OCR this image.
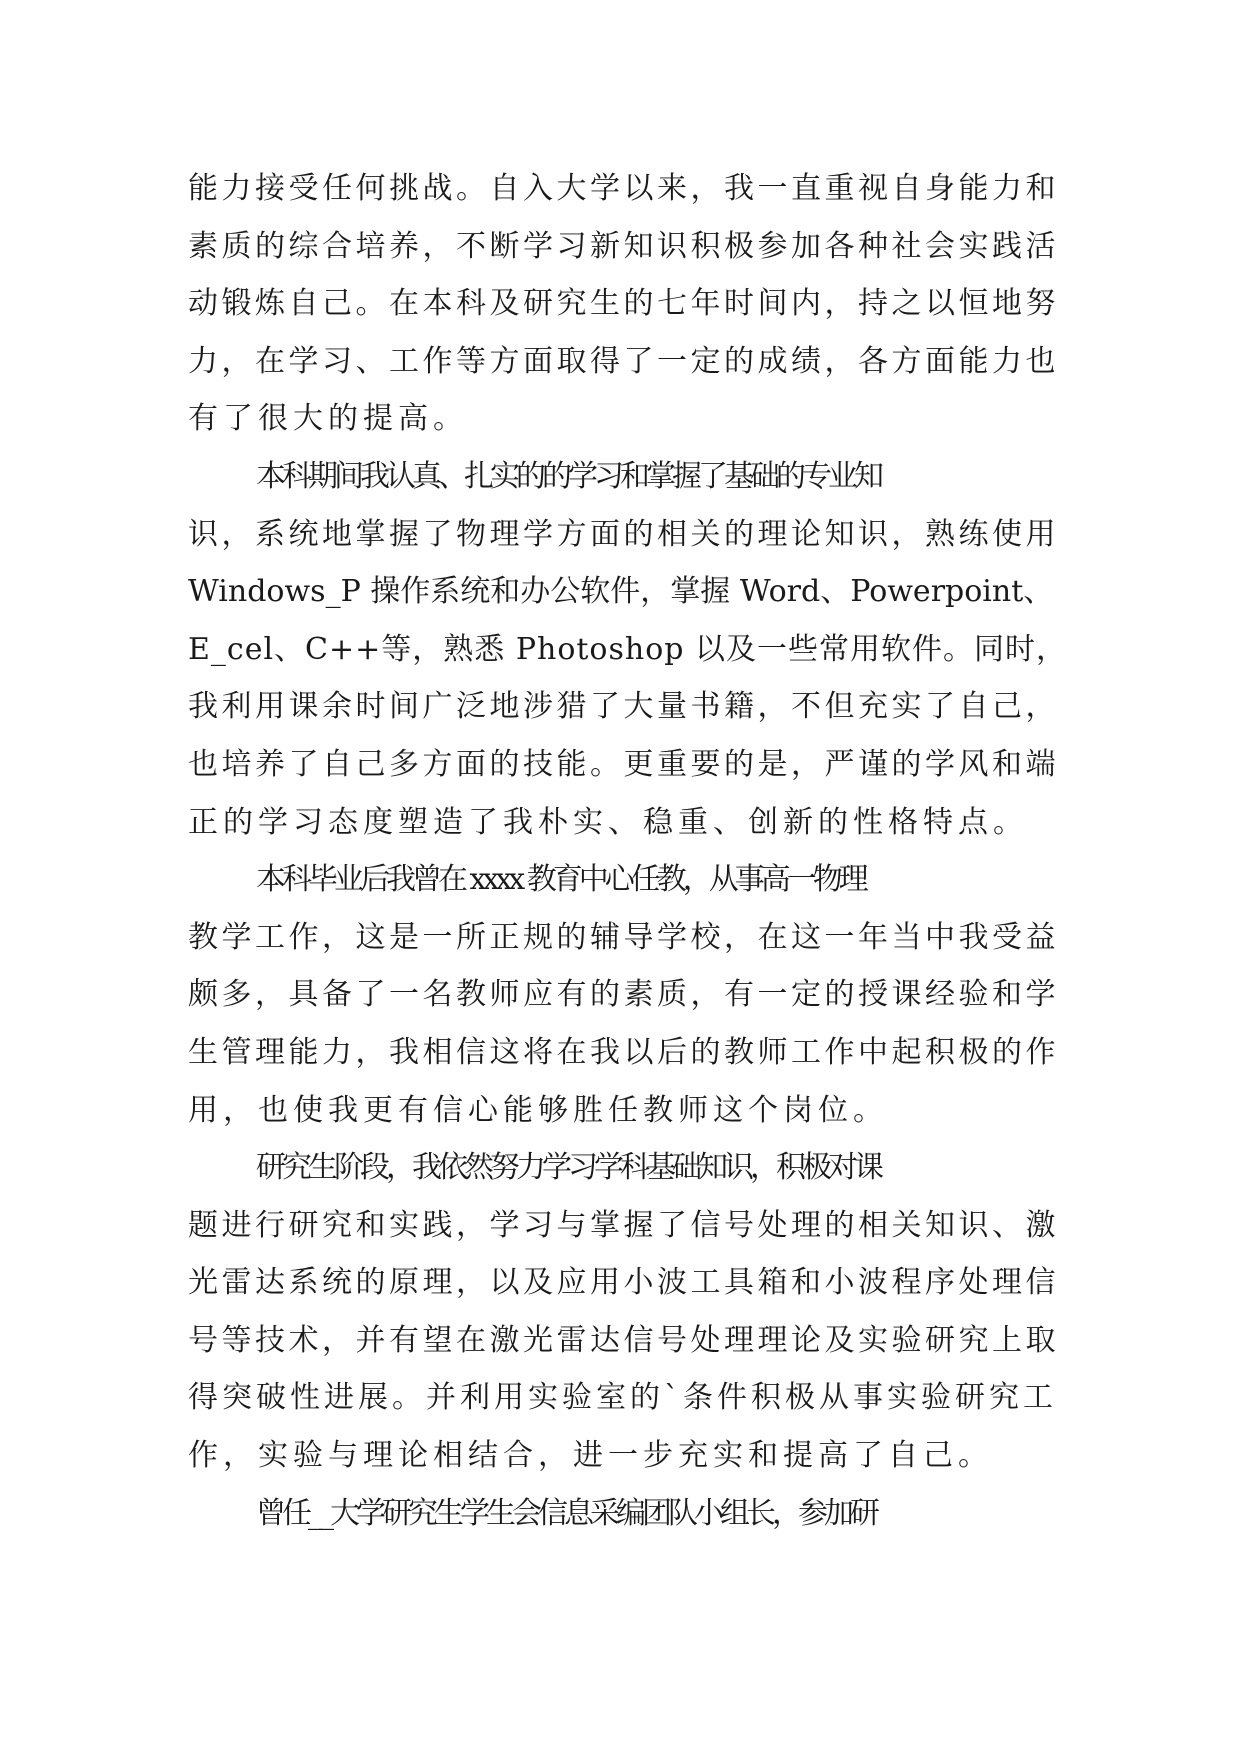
能力接受任何挑战。自入大学以来，我一直重视自身能力和
素质的综合培养，不断学习新知识积极参加各种社会实践活
动锻炼自己。在本科及研究生的七年时间内，持之以恒地努
力，在学习、工作等方面取得了一定的成绩，各方面能力也
有了很大的提高。
本科期间我认真、扎实的的学习和掌握了基础的专业知
识，系统地掌握了物理学方面的相关的理论知识，熟练使用
Windows_P 操作系统和办公软件，掌握 Word、Powerpoint、
E_cel、C++等，熟悉 Photoshop 以及一些常用软件。同时，
我利用课余时间广泛地涉猎了大量书籍，不但充实了自己，
也培养了自己多方面的技能。更重要的是，严谨的学风和端
正的学习态度塑造了我朴实、稳重、创新的性格特点。
本科毕业后我曾在 xxxx 教育中心任教，从事高一物理
教学工作，这是一所正规的辅导学校，在这一年当中我受益
颇多，具备了一名教师应有的素质，有一定的授课经验和学
生管理能力，我相信这将在我以后的教师工作中起积极的作
用，也使我更有信心能够胜任教师这个岗位。
研究生阶段，我依然努力学习学科基础知识，积极对课
题进行研究和实践，学习与掌握了信号处理的相关知识、激
光雷达系统的原理，以及应用小波工具箱和小波程序处理信
号等技术，并有望在激光雷达信号处理理论及实验研究上取
得突破性进展。并利用实验室的`条件积极从事实验研究工
作，实验与理论相结合，进一步充实和提高了自己。
曾任__大学研究生学生会信息采编团队小组长，参加研
